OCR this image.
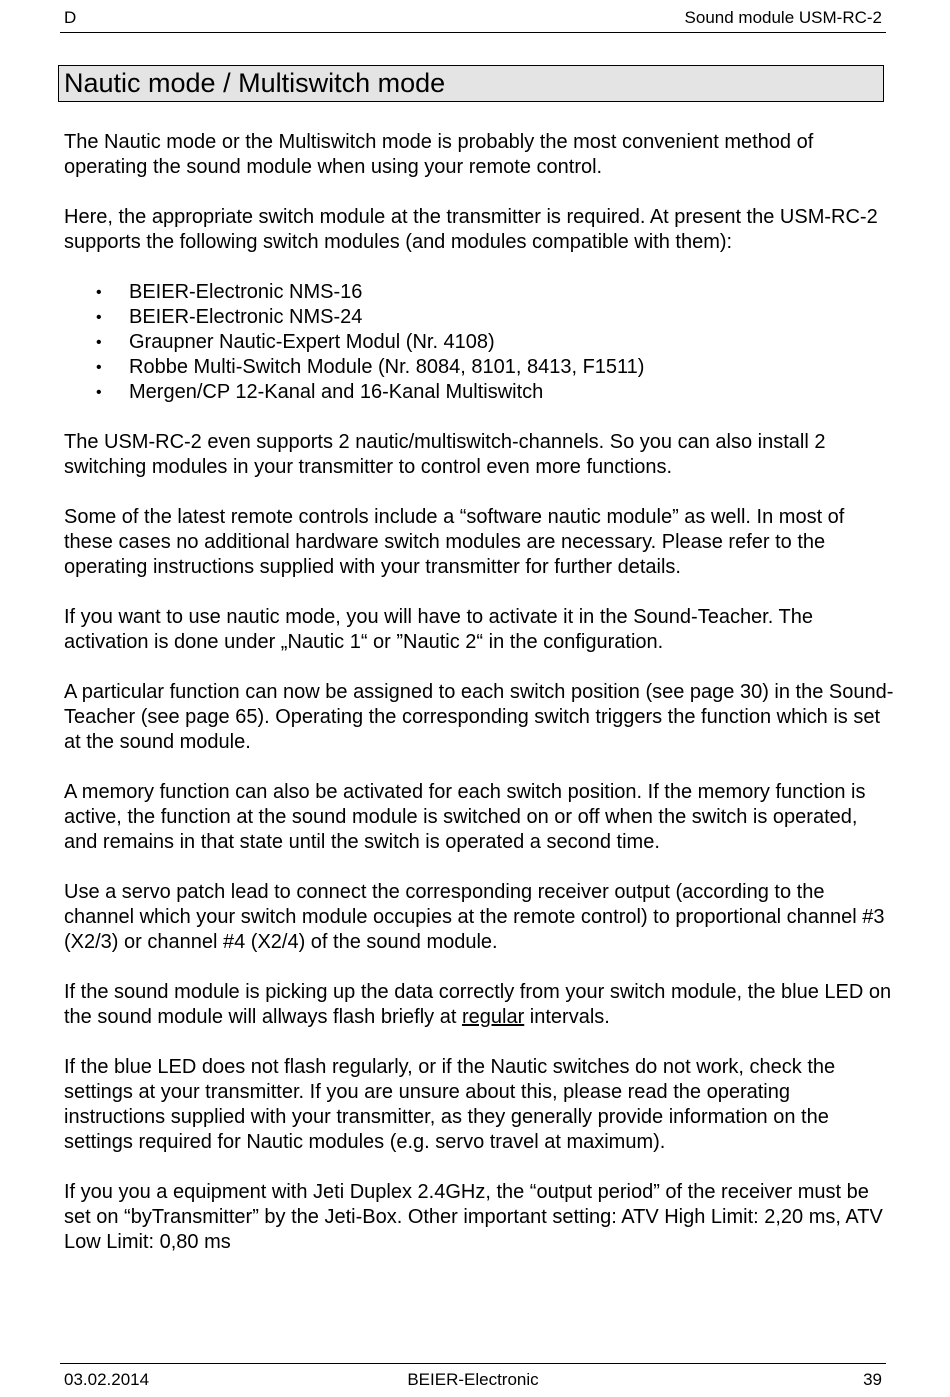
D	Sound module USM-RC-2
Nautic mode / Multiswitch mode

The Nautic mode or the Multiswitch mode is probably the most convenient method of operating the sound module when using your remote control.

Here, the appropriate switch module at the transmitter is required. At present the USM-RC-2 supports the following switch modules (and modules compatible with them):

• BEIER-Electronic NMS-16
• BEIER-Electronic NMS-24
• Graupner Nautic-Expert Modul (Nr. 4108)
• Robbe Multi-Switch Module (Nr. 8084, 8101, 8413, F1511)
• Mergen/CP 12-Kanal and 16-Kanal Multiswitch

The USM-RC-2 even supports 2 nautic/multiswitch-channels. So you can also install 2 switching modules in your transmitter to control even more functions.

Some of the latest remote controls include a “software nautic module” as well. In most of these cases no additional hardware switch modules are necessary. Please refer to the operating instructions supplied with your transmitter for further details.

If you want to use nautic mode, you will have to activate it in the Sound-Teacher. The activation is done under „Nautic 1“ or ”Nautic 2“ in the configuration.

A particular function can now be assigned to each switch position (see page 30) in the Sound-Teacher (see page 65). Operating the corresponding switch triggers the function which is set at the sound module.

A memory function can also be activated for each switch position. If the memory function is active, the function at the sound module is switched on or off when the switch is operated, and remains in that state until the switch is operated a second time.

Use a servo patch lead to connect the corresponding receiver output (according to the channel which your switch module occupies at the remote control) to proportional channel #3 (X2/3) or channel #4 (X2/4) of the sound module.

If the sound module is picking up the data correctly from your switch module, the blue LED on the sound module will allways flash briefly at regular intervals.

If the blue LED does not flash regularly, or if the Nautic switches do not work, check the settings at your transmitter. If you are unsure about this, please read the operating instructions supplied with your transmitter, as they generally provide information on the settings required for Nautic modules (e.g. servo travel at maximum).

If you you a equipment with Jeti Duplex 2.4GHz, the “output period” of the receiver must be set on “byTransmitter” by the Jeti-Box. Other important setting: ATV High Limit: 2,20 ms, ATV Low Limit: 0,80 ms

03.02.2014	BEIER-Electronic	39
